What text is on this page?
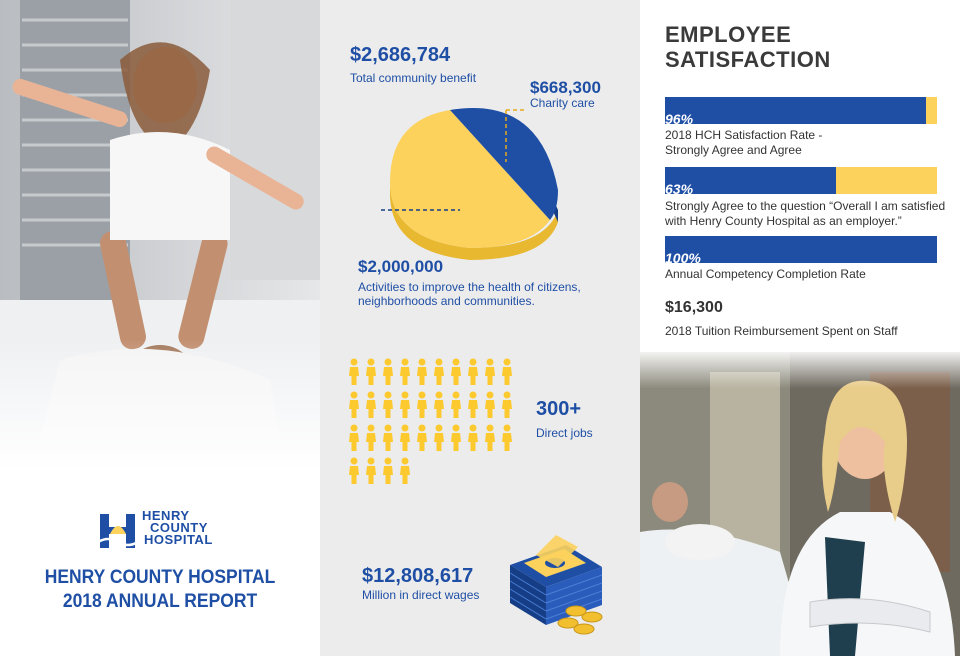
HENRY
COUNTY
HOSPITAL
HENRY COUNTY HOSPITAL
2018 ANNUAL REPORT
$2,686,784
Total community benefit	$668,300
Charity care
$2,000,000
Activities to improve the health of citizens,
neighborhoods and communities.
300+
Direct jobs
$12,808,617
Million in direct wages
EMPLOYEE
SATISFACTION
96%
2018 HCH Satisfaction Rate -
Strongly Agree and Agree
63%
Strongly Agree to the question “Overall I am satisfied
with Henry County Hospital as an employer.”
100%
Annual Competency Completion Rate
$16,300
2018 Tuition Reimbursement Spent on Staff
